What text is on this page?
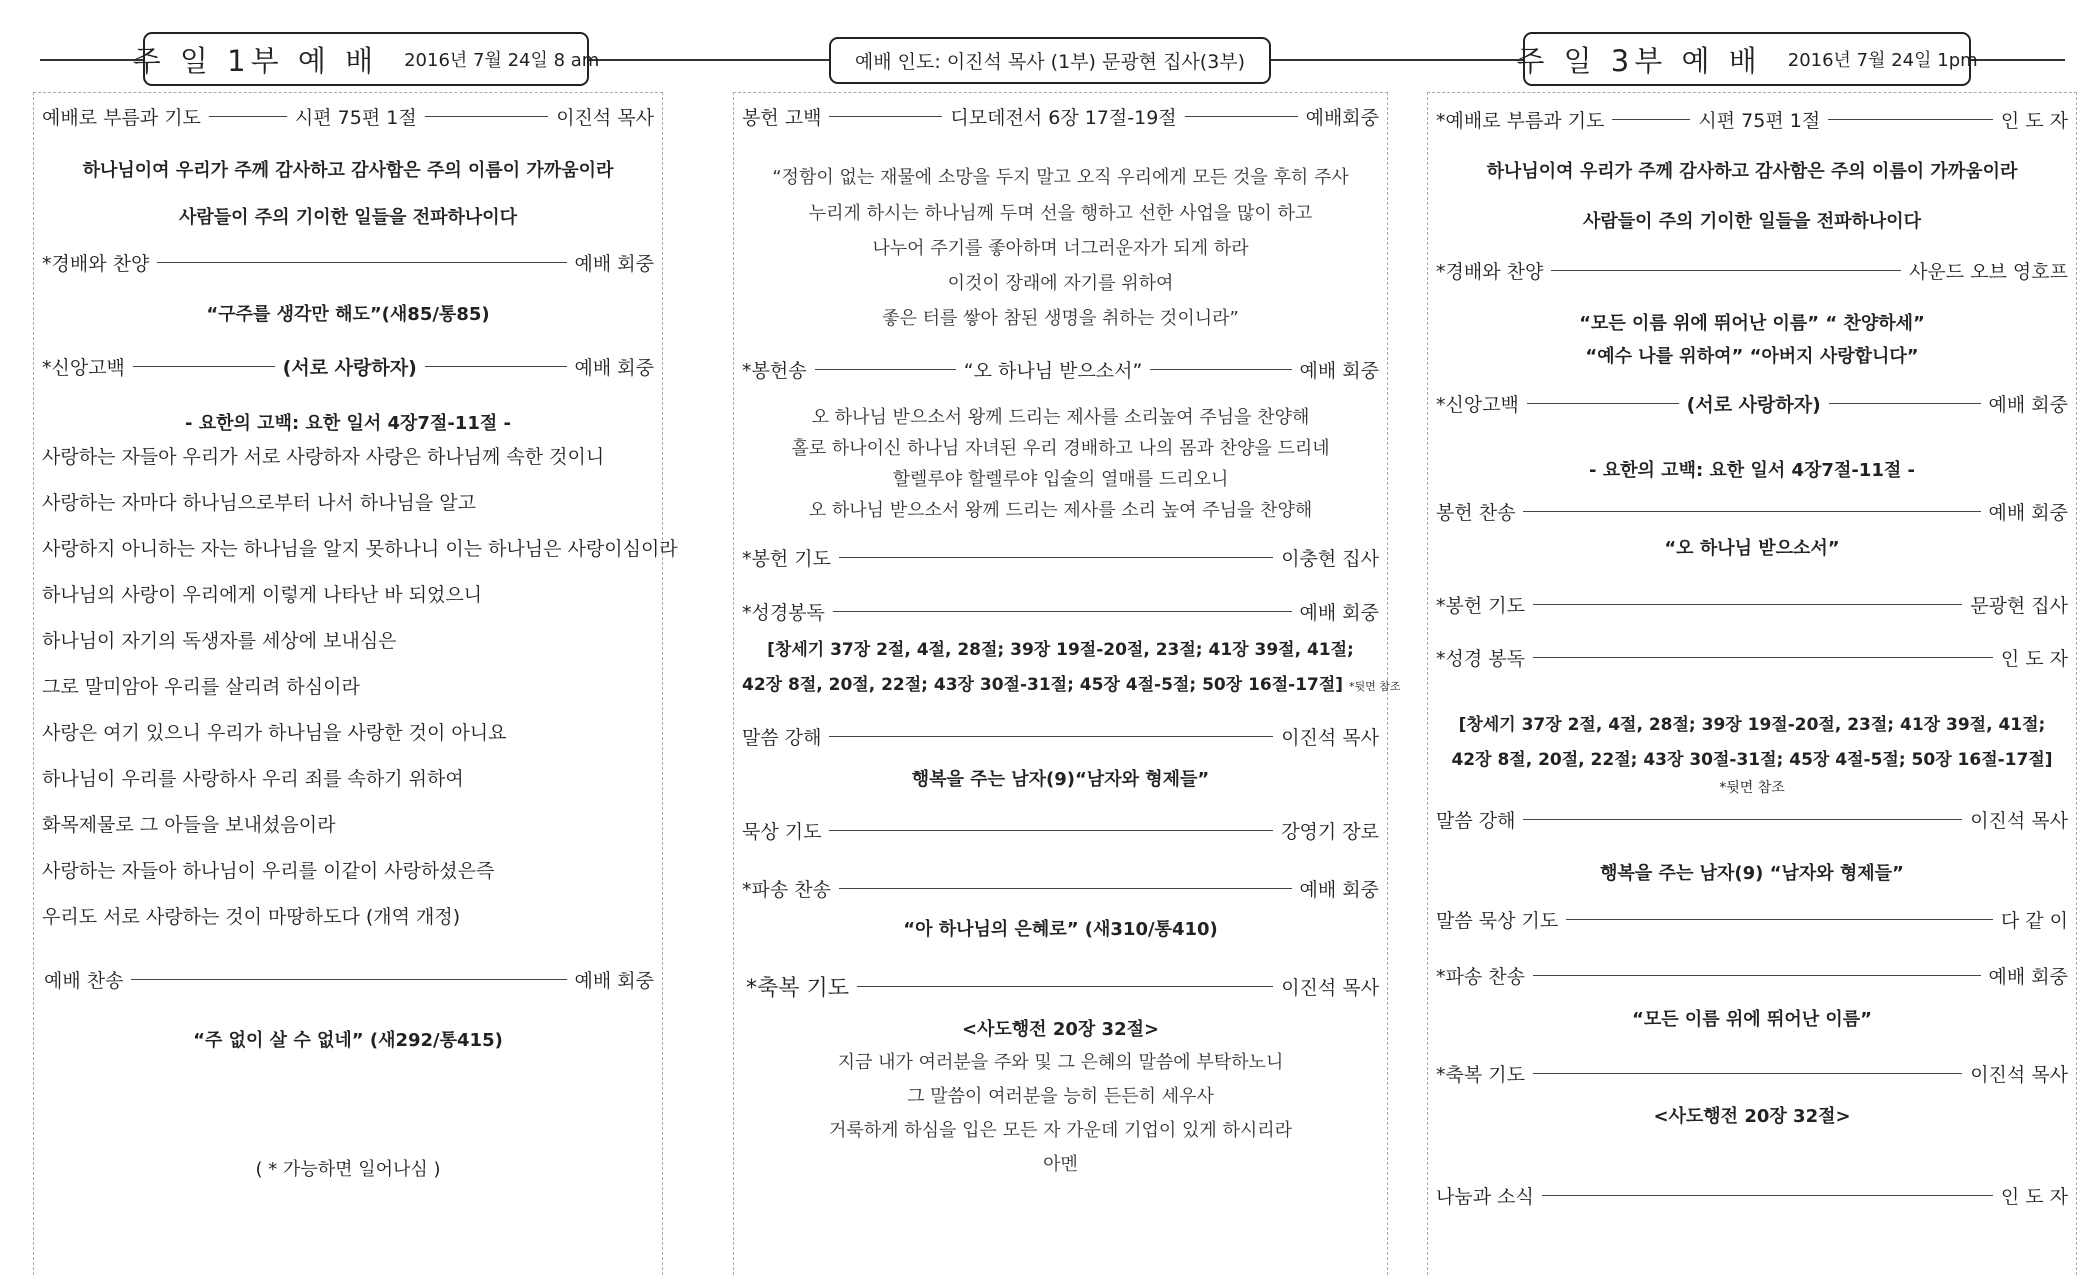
주 일 1부 예 배 2016년 7월 24일 8 am	예배 인도: 이진석 목사 (1부) 문광현 집사(3부)	주 일 3부 예 배 2016년 7월 24일 1pm
예배로 부름과 기도	시편 75편 1절	이진석 목사
하나님이여 우리가 주께 감사하고 감사함은 주의 이름이 가까움이라
사람들이 주의 기이한 일들을 전파하나이다
*경배와 찬양	예배 회중
“구주를 생각만 해도”(새85/통85)
*신앙고백	(서로 사랑하자)	예배 회중
- 요한의 고백: 요한 일서 4장7절-11절 -
사랑하는 자들아 우리가 서로 사랑하자 사랑은 하나님께 속한 것이니
사랑하는 자마다 하나님으로부터 나서 하나님을 알고
사랑하지 아니하는 자는 하나님을 알지 못하나니 이는 하나님은 사랑이심이라
하나님의 사랑이 우리에게 이렇게 나타난 바 되었으니
하나님이 자기의 독생자를 세상에 보내심은
그로 말미암아 우리를 살리려 하심이라
사랑은 여기 있으니 우리가 하나님을 사랑한 것이 아니요
하나님이 우리를 사랑하사 우리 죄를 속하기 위하여
화목제물로 그 아들을 보내셨음이라
사랑하는 자들아 하나님이 우리를 이같이 사랑하셨은즉
우리도 서로 사랑하는 것이 마땅하도다 (개역 개정)
예배 찬송	예배 회중
“주 없이 살 수 없네” (새292/통415)
( * 가능하면 일어나심 )
봉헌 고백	디모데전서 6장 17절-19절	예배회중
“정함이 없는 재물에 소망을 두지 말고 오직 우리에게 모든 것을 후히 주사
누리게 하시는 하나님께 두며 선을 행하고 선한 사업을 많이 하고
나누어 주기를 좋아하며 너그러운자가 되게 하라
이것이 장래에 자기를 위하여
좋은 터를 쌓아 참된 생명을 취하는 것이니라”
*봉헌송	“오 하나님 받으소서”	예배 회중
오 하나님 받으소서 왕께 드리는 제사를 소리높여 주님을 찬양해
홀로 하나이신 하나님 자녀된 우리 경배하고 나의 몸과 찬양을 드리네
할렐루야 할렐루야 입술의 열매를 드리오니
오 하나님 받으소서 왕께 드리는 제사를 소리 높여 주님을 찬양해
*봉헌 기도	이충현 집사
*성경봉독	예배 회중
[창세기 37장 2절, 4절, 28절; 39장 19절-20절, 23절; 41장 39절, 41절;
42장 8절, 20절, 22절; 43장 30절-31절; 45장 4절-5절; 50장 16절-17절] *뒷면 참조
말씀 강해	이진석 목사
행복을 주는 남자(9)“남자와 형제들”
묵상 기도	강영기 장로
*파송 찬송	예배 회중
“아 하나님의 은혜로” (새310/통410)
*축복 기도	이진석 목사
<사도행전 20장 32절>
지금 내가 여러분을 주와 및 그 은혜의 말씀에 부탁하노니
그 말씀이 여러분을 능히 든든히 세우사
거룩하게 하심을 입은 모든 자 가운데 기업이 있게 하시리라
아멘
*예배로 부름과 기도	시편 75편 1절	인 도 자
하나님이여 우리가 주께 감사하고 감사함은 주의 이름이 가까움이라
사람들이 주의 기이한 일들을 전파하나이다
*경배와 찬양	사운드 오브 영호프
“모든 이름 위에 뛰어난 이름” “ 찬양하세”
“예수 나를 위하여” “아버지 사랑합니다”
*신앙고백	(서로 사랑하자)	예배 회중
- 요한의 고백: 요한 일서 4장7절-11절 -
봉헌 찬송	예배 회중
“오 하나님 받으소서”
*봉헌 기도	문광현 집사
*성경 봉독	인 도 자
[창세기 37장 2절, 4절, 28절; 39장 19절-20절, 23절; 41장 39절, 41절;
42장 8절, 20절, 22절; 43장 30절-31절; 45장 4절-5절; 50장 16절-17절]
*뒷면 참조
말씀 강해	이진석 목사
행복을 주는 남자(9) “남자와 형제들”
말씀 묵상 기도	다 같 이
*파송 찬송	예배 회중
“모든 이름 위에 뛰어난 이름”
*축복 기도	이진석 목사
<사도행전 20장 32절>
나눔과 소식	인 도 자
